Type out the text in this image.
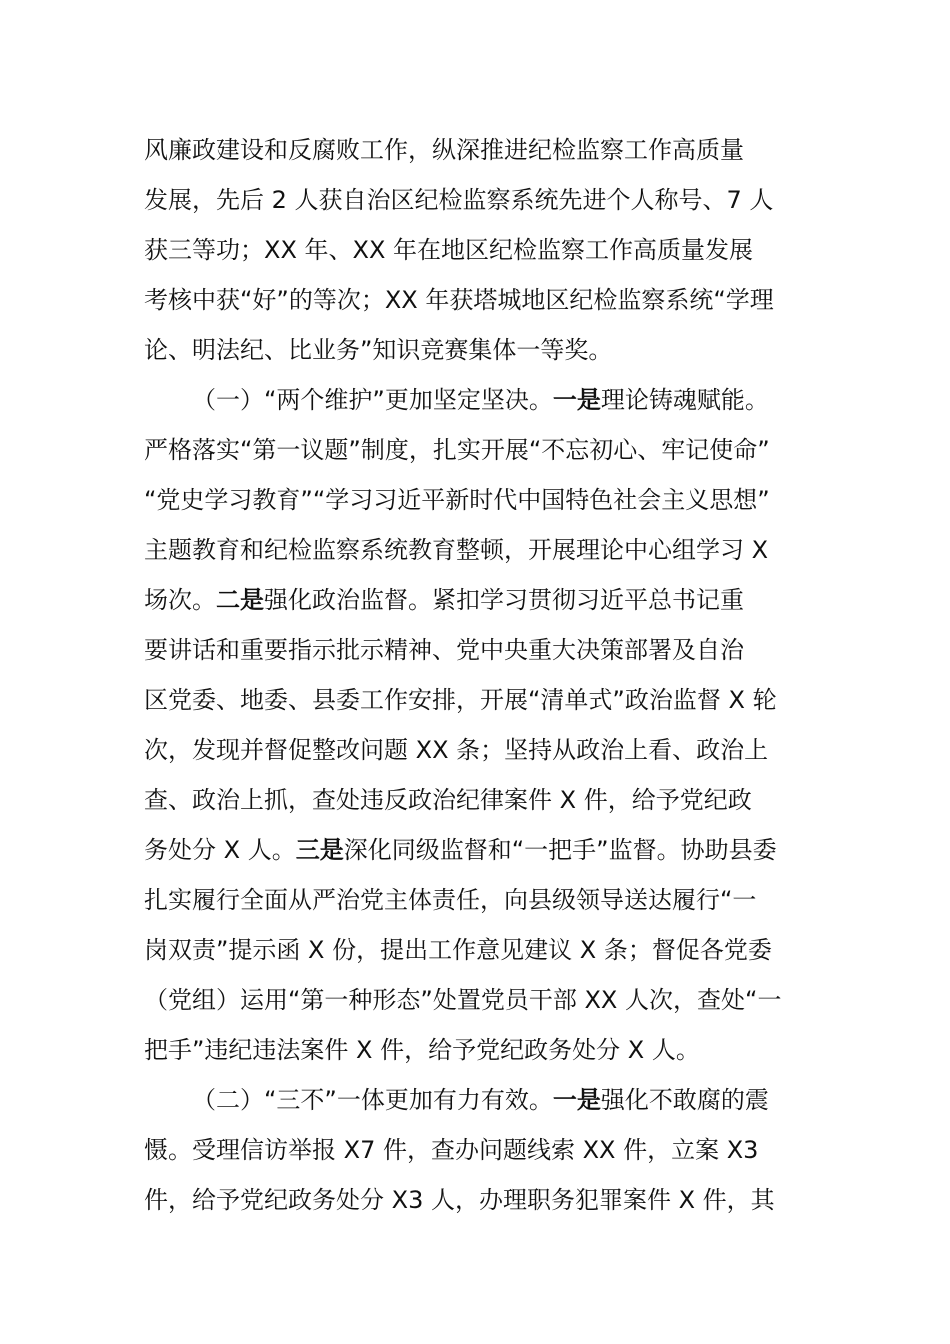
风廉政建设和反腐败工作，纵深推进纪检监察工作高质量
发展，先后 2 人获自治区纪检监察系统先进个人称号、7 人
获三等功；XX 年、XX 年在地区纪检监察工作高质量发展
考核中获“好”的等次；XX 年获塔城地区纪检监察系统“学理
论、明法纪、比业务”知识竞赛集体一等奖。
（一）“两个维护”更加坚定坚决。一是理论铸魂赋能。
严格落实“第一议题”制度，扎实开展“不忘初心、牢记使命”
“党史学习教育”“学习习近平新时代中国特色社会主义思想”
主题教育和纪检监察系统教育整顿，开展理论中心组学习 X
场次。二是强化政治监督。紧扣学习贯彻习近平总书记重
要讲话和重要指示批示精神、党中央重大决策部署及自治
区党委、地委、县委工作安排，开展“清单式”政治监督 X 轮
次，发现并督促整改问题 XX 条；坚持从政治上看、政治上
查、政治上抓，查处违反政治纪律案件 X 件，给予党纪政
务处分 X 人。三是深化同级监督和“一把手”监督。协助县委
扎实履行全面从严治党主体责任，向县级领导送达履行“一
岗双责”提示函 X 份，提出工作意见建议 X 条；督促各党委
（党组）运用“第一种形态”处置党员干部 XX 人次，查处“一
把手”违纪违法案件 X 件，给予党纪政务处分 X 人。
（二）“三不”一体更加有力有效。一是强化不敢腐的震
慑。受理信访举报 X7 件，查办问题线索 XX 件，立案 X3
件，给予党纪政务处分 X3 人，办理职务犯罪案件 X 件，其
